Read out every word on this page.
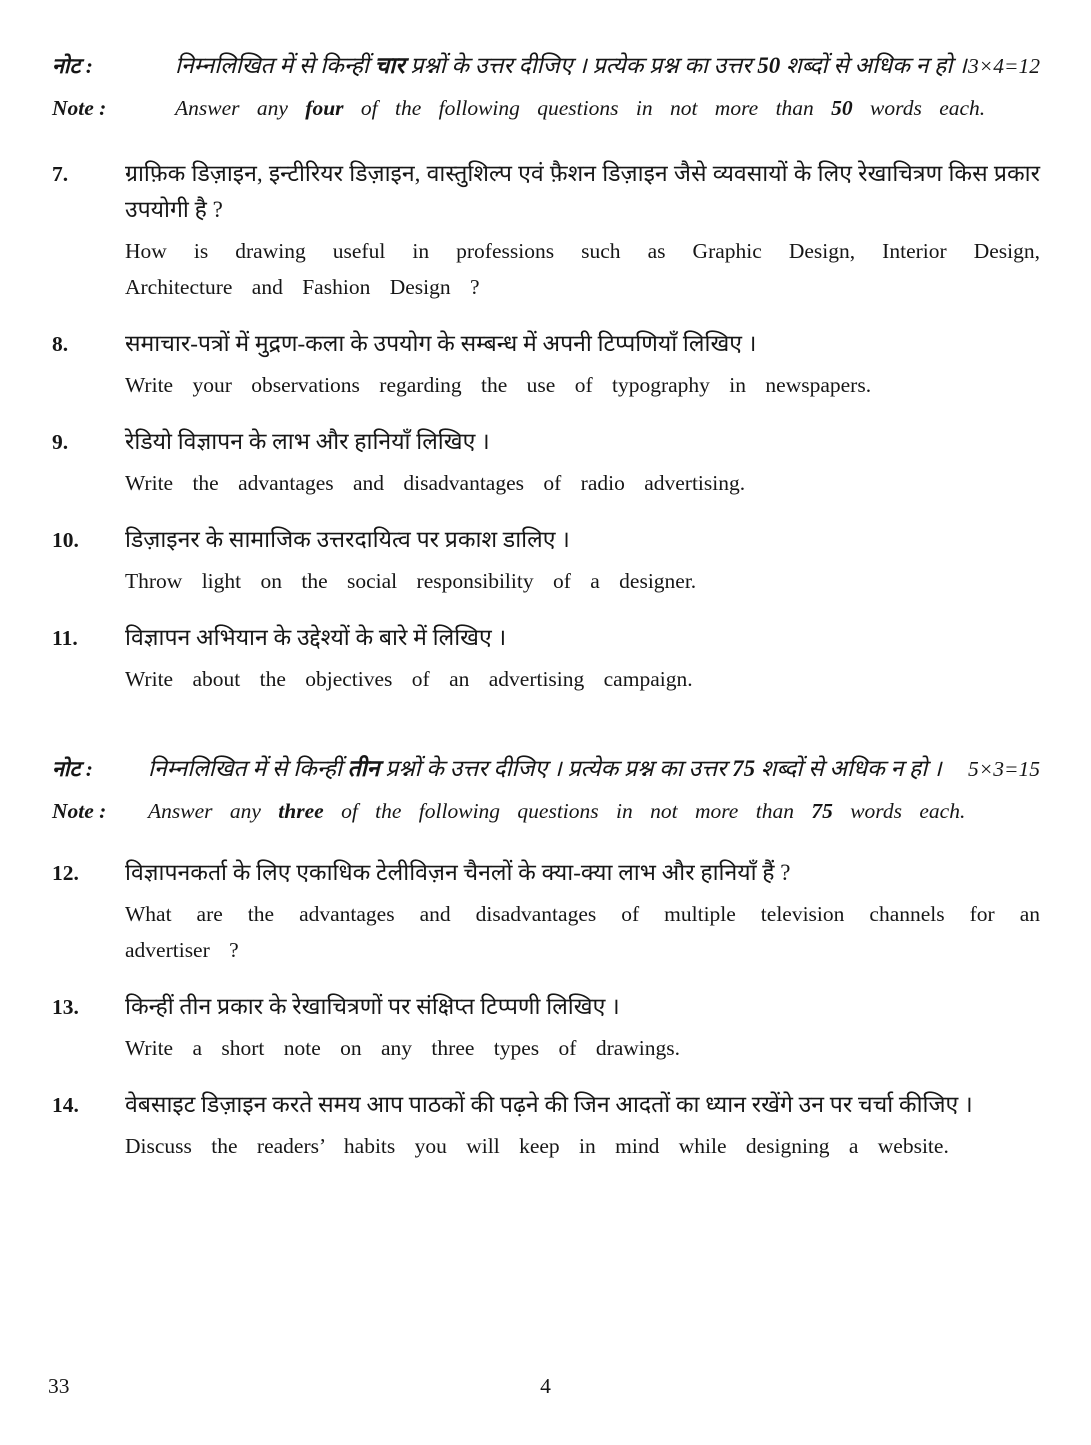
नोट :	निम्नलिखित में से किन्हीं चार प्रश्नों के उत्तर दीजिए । प्रत्येक प्रश्न का उत्तर 50 शब्दों से अधिक न हो । 3×4=12
Note :	Answer any four of the following questions in not more than 50 words each.
7.	ग्राफ़िक डिज़ाइन, इन्टीरियर डिज़ाइन, वास्तुशिल्प एवं फ़ैशन डिज़ाइन जैसे व्यवसायों के लिए रेखाचित्रण किस प्रकार उपयोगी है ?

How is drawing useful in professions such as Graphic Design, Interior Design, Architecture and Fashion Design ?

8.	समाचार-पत्रों में मुद्रण-कला के उपयोग के सम्बन्ध में अपनी टिप्पणियाँ लिखिए ।

Write your observations regarding the use of typography in newspapers.

9.	रेडियो विज्ञापन के लाभ और हानियाँ लिखिए ।

Write the advantages and disadvantages of radio advertising.

10.	डिज़ाइनर के सामाजिक उत्तरदायित्व पर प्रकाश डालिए ।

Throw light on the social responsibility of a designer.

11.	विज्ञापन अभियान के उद्देश्यों के बारे में लिखिए ।

Write about the objectives of an advertising campaign.

नोट :	निम्नलिखित में से किन्हीं तीन प्रश्नों के उत्तर दीजिए । प्रत्येक प्रश्न का उत्तर 75 शब्दों से अधिक न हो ।	5×3=15
Note :	Answer any three of the following questions in not more than 75 words each.
12.	विज्ञापनकर्ता के लिए एकाधिक टेलीविज़न चैनलों के क्या-क्या लाभ और हानियाँ हैं ?

What are the advantages and disadvantages of multiple television channels for an advertiser ?

13.	किन्हीं तीन प्रकार के रेखाचित्रणों पर संक्षिप्त टिप्पणी लिखिए ।

Write a short note on any three types of drawings.

14.	वेबसाइट डिज़ाइन करते समय आप पाठकों की पढ़ने की जिन आदतों का ध्यान रखेंगे उन पर चर्चा कीजिए ।

Discuss the readers’ habits you will keep in mind while designing a website.

33	4
